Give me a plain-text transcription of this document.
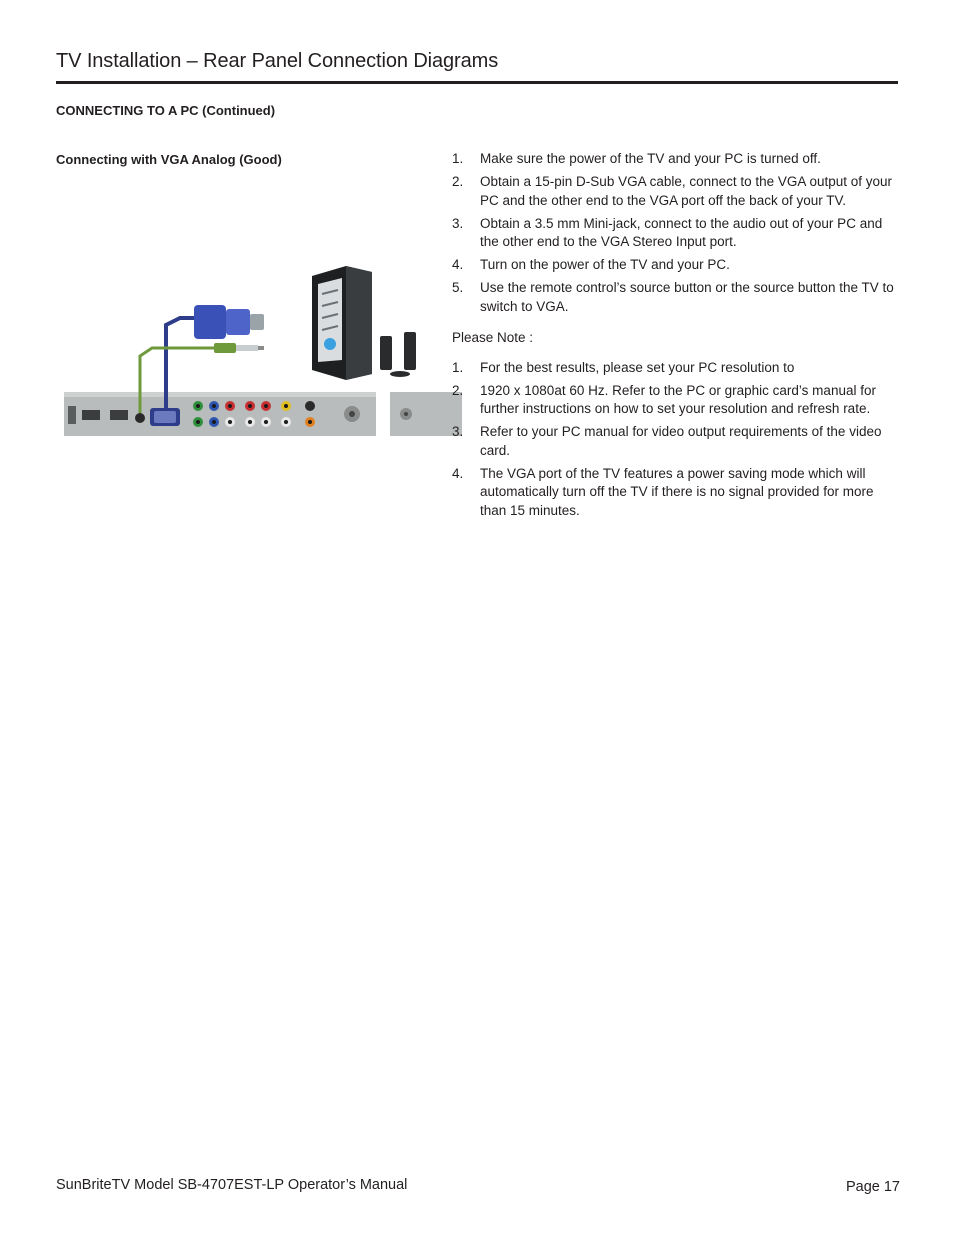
TV Installation – Rear Panel Connection Diagrams
CONNECTING TO A PC (Continued)
Connecting with VGA Analog (Good)	1. Make sure the power of the TV and your PC is turned off.
2. Obtain a 15-pin D-Sub VGA cable, connect to the VGA output of your PC and the other end to the VGA port off the back of your TV.
3. Obtain a 3.5 mm Mini-jack, connect to the audio out of your PC and the other end to the VGA Stereo Input port.
4. Turn on the power of the TV and your PC.
5. Use the remote control’s source button or the source button the TV to switch to VGA.
Please Note :
1. For the best results, please set your PC resolution to
2. 1920 x 1080at 60 Hz. Refer to the PC or graphic card’s manual for further instructions on how to set your resolution and refresh rate.
3. Refer to your PC manual for video output requirements of the video card.
4. The VGA port of the TV features a power saving mode which will automatically turn off the TV if there is no signal provided for more than 15 minutes.
SunBriteTV Model SB-4707EST-LP Operator’s Manual	Page 17
